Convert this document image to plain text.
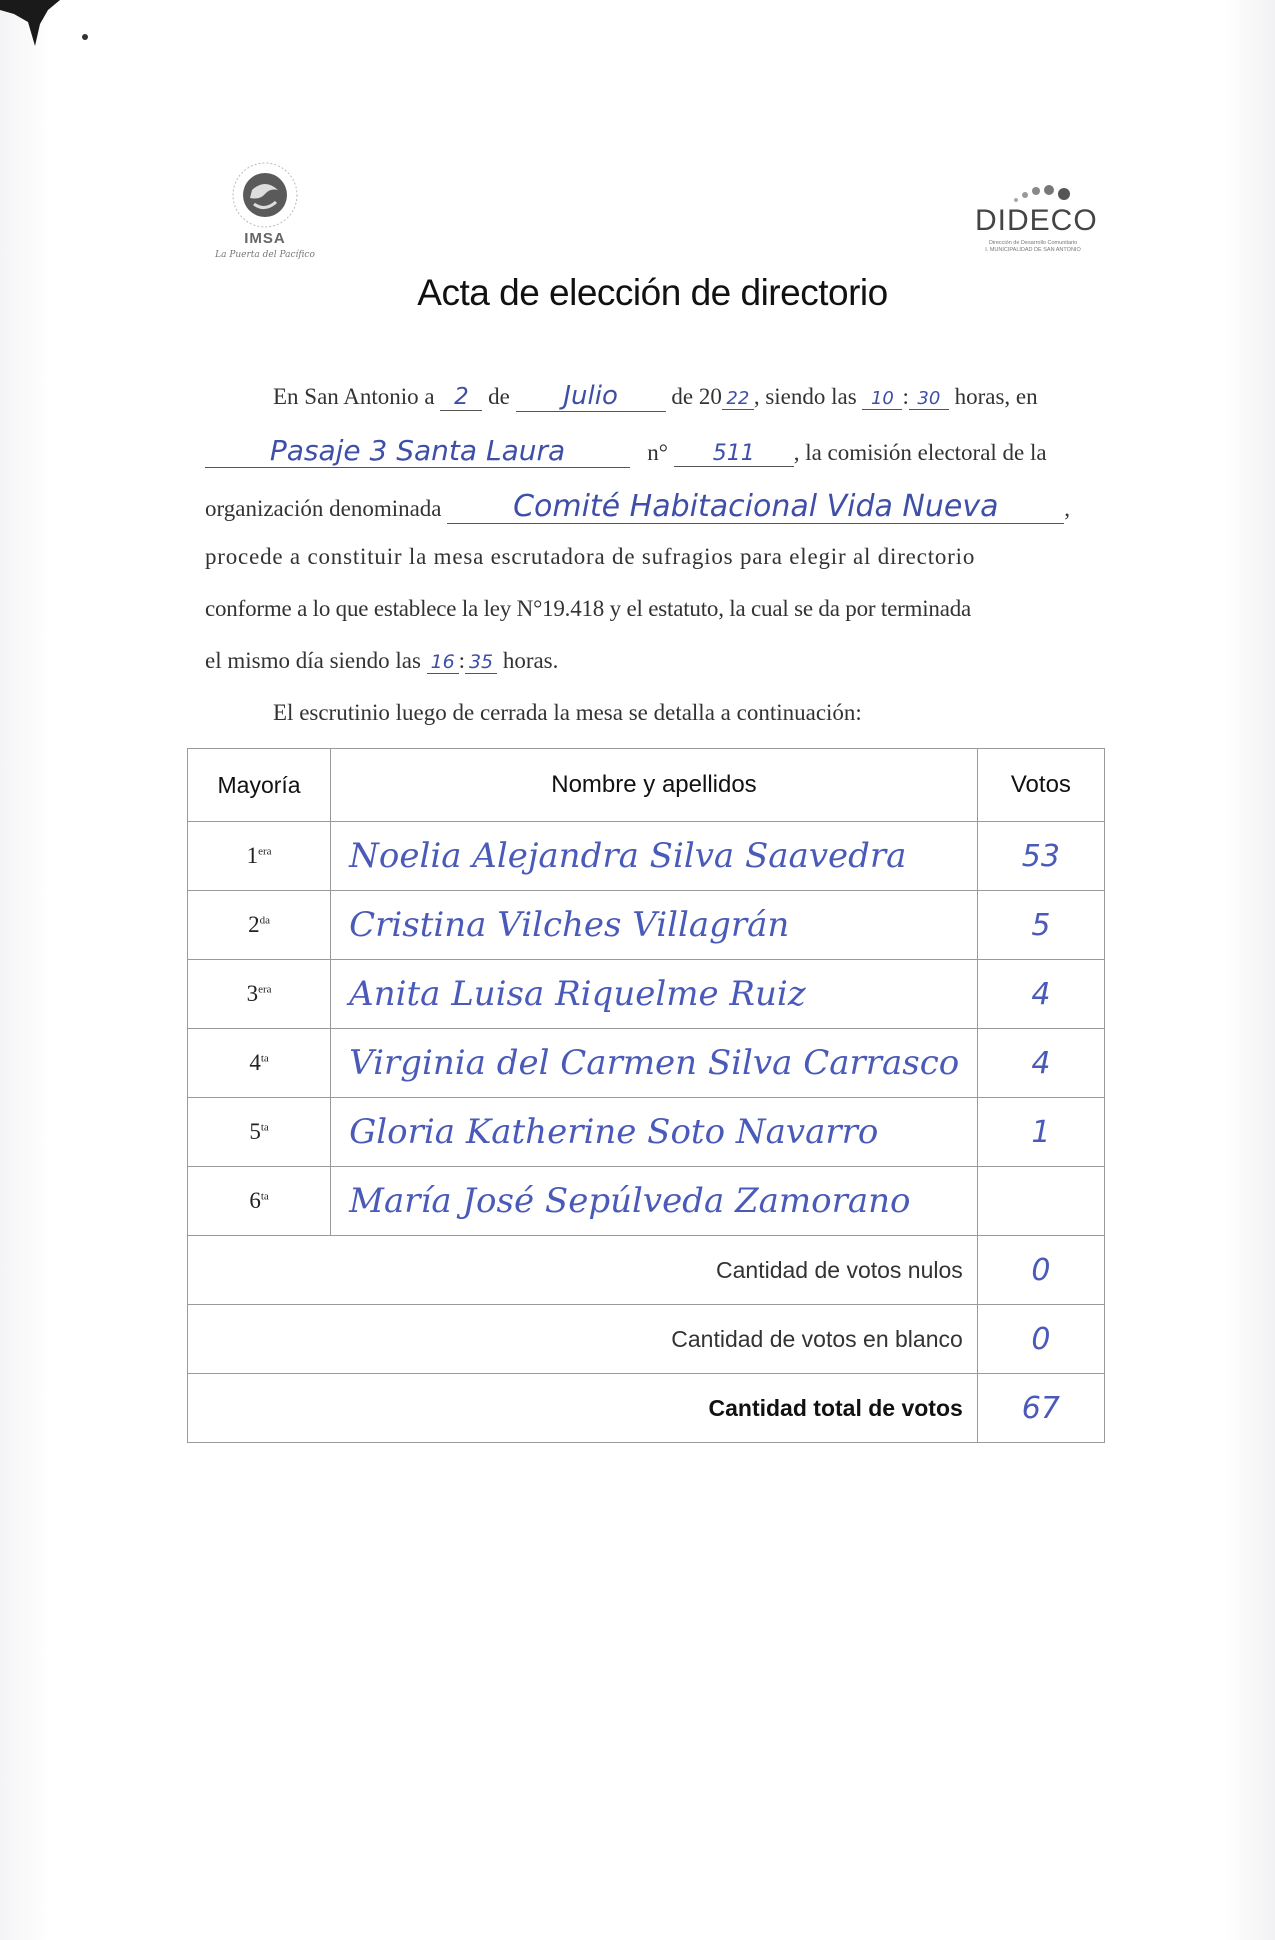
IMSA
La Puerta del Pacífico
DIDECO
Dirección de Desarrollo Comunitario
I. MUNICIPALIDAD DE SAN ANTONIO
Acta de elección de directorio
En San Antonio a 2 de Julio de 20 22 , siendo las 10 : 30 horas, en
Pasaje 3 Santa Laura	n° 511 , la comisión electoral de la
organización denominada Comité Habitacional Vida Nueva	,
procede a constituir la mesa escrutadora de sufragios para elegir al directorio
conforme a lo que establece la ley N°19.418 y el estatuto, la cual se da por terminada
el mismo día siendo las 16 : 35 horas.
El escrutinio luego de cerrada la mesa se detalla a continuación:
Mayoría	Nombre y apellidos	Votos
$1^{era}$	Noelia Alejandra Silva Saavedra	53
$2^{da}$	Cristina Vilches Villagrán	5
$3^{era}$	Anita Luisa Riquelme Ruiz	4
$4^{ta}$	Virginia del Carmen Silva Carrasco	4
$5^{ta}$	Gloria Katherine Soto Navarro	1
$6^{ta}$	María José Sepúlveda Zamorano	
Cantidad de votos nulos		0
Cantidad de votos en blanco		0
Cantidad total de votos		67
